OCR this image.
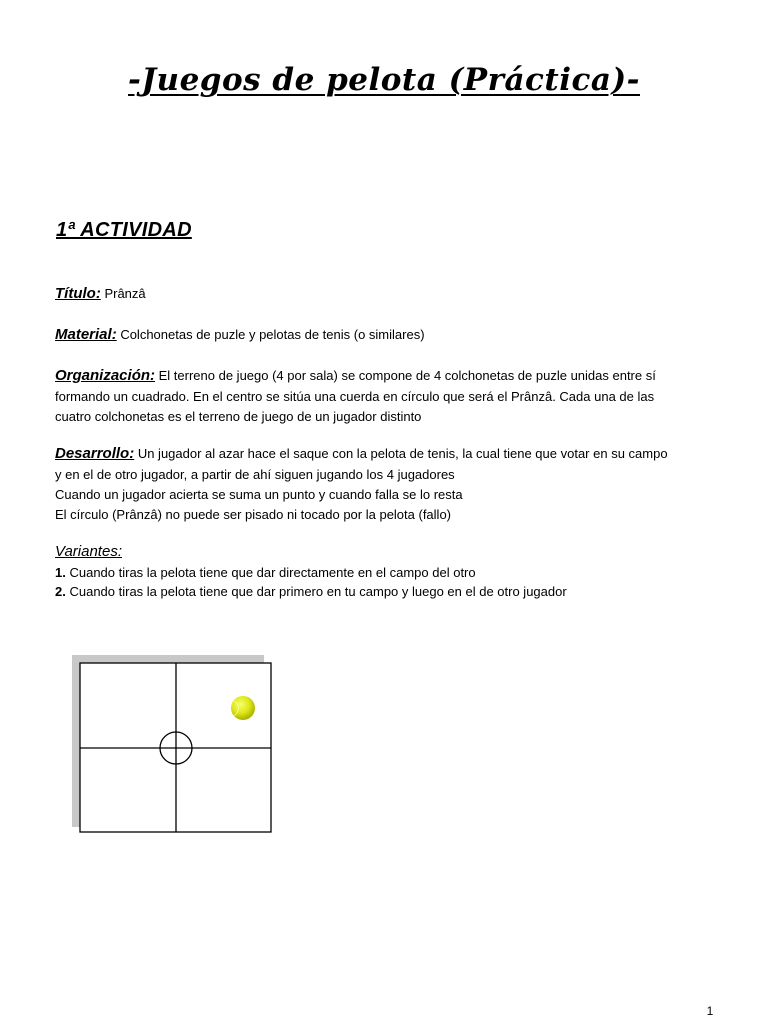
-Juegos de pelota (Práctica)-
1ª ACTIVIDAD
Título: Prânzâ
Material: Colchonetas de puzle y pelotas de tenis (o similares)
Organización: El terreno de juego (4 por sala) se compone de 4 colchonetas de puzle unidas entre sí
formando un cuadrado. En el centro se sitúa una cuerda en círculo que será el Prânzâ. Cada una de las
cuatro colchonetas es el terreno de juego de un jugador distinto
Desarrollo: Un jugador al azar hace el saque con la pelota de tenis, la cual tiene que votar en su campo
y en el de otro jugador, a partir de ahí siguen jugando los 4 jugadores
Cuando un jugador acierta se suma un punto y cuando falla se lo resta
El círculo (Prânzâ) no puede ser pisado ni tocado por la pelota (fallo)
Variantes:
1. Cuando tiras la pelota tiene que dar directamente en el campo del otro
2. Cuando tiras la pelota tiene que dar primero en tu campo y luego en el de otro jugador
1
